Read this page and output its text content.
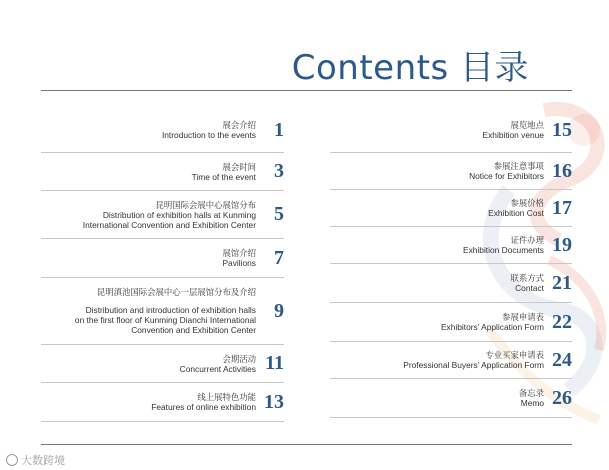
Contents 目录
展会介绍
Introduction to the events 1
展会时间
Time of the event 3
昆明国际会展中心展馆分布
Distribution of exhibition halls at Kunming
International Convention and Exhibition Center 5
展馆介绍
Pavilions 7
昆明滇池国际会展中心一层展馆分布及介绍
Distribution and introduction of exhibition halls
on the first floor of Kunming Dianchi International
Convention and Exhibition Center
9
会期活动
Concurrent Activities 11
线上展特色功能
Features of online exhibition 13
展览地点
Exhibition venue 15
参展注意事项
Notice for Exhibitors 16
参展价格
Exhibition Cost 17
证件办理
Exhibition Documents 19
联系方式
Contact 21
参展申请表
Exhibitors’ Application Form 22
专业买家申请表
Professional Buyers’ Application Form 24
备忘录
Memo 26
大数跨境
